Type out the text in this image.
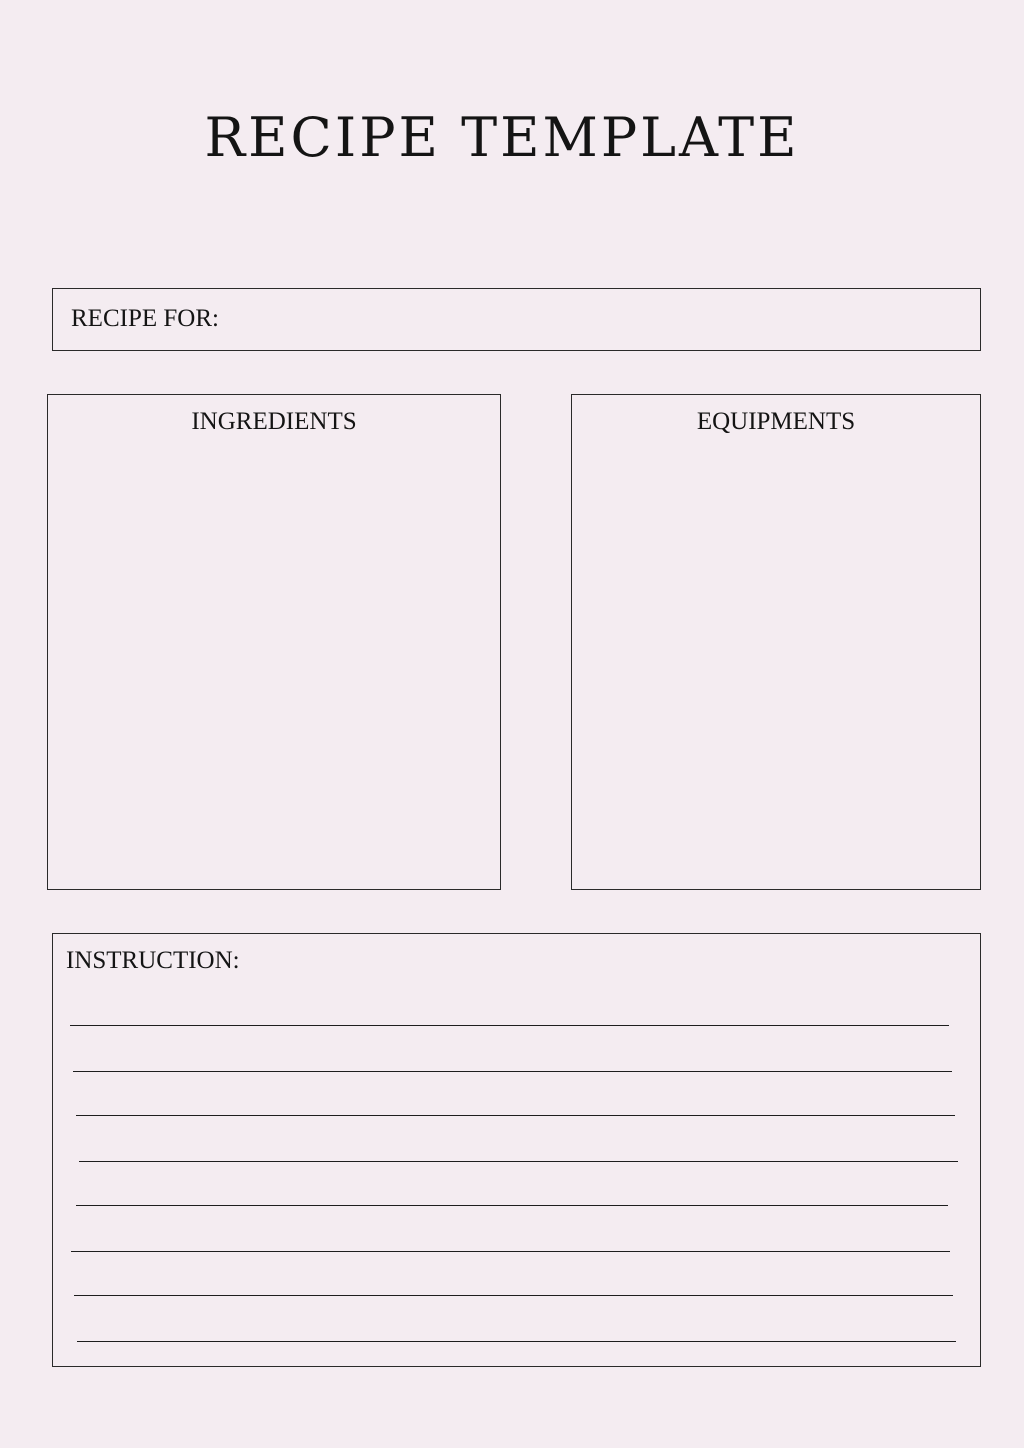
RECIPE TEMPLATE
RECIPE FOR:
INGREDIENTS	EQUIPMENTS
INSTRUCTION:
